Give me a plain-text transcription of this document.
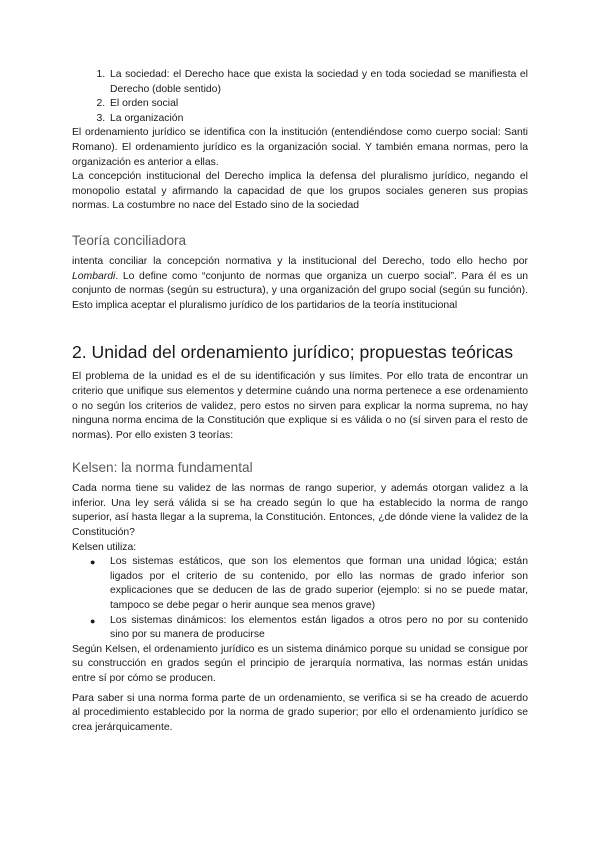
1. La sociedad: el Derecho hace que exista la sociedad y en toda sociedad se manifiesta el Derecho (doble sentido)
2. El orden social
3. La organización

El ordenamiento jurídico se identifica con la institución (entendiéndose como cuerpo social: Santi Romano). El ordenamiento jurídico es la organización social. Y también emana normas, pero la organización es anterior a ellas.

La concepción institucional del Derecho implica la defensa del pluralismo jurídico, negando el monopolio estatal y afirmando la capacidad de que los grupos sociales generen sus propias normas. La costumbre no nace del Estado sino de la sociedad

Teoría conciliadora

intenta conciliar la concepción normativa y la institucional del Derecho, todo ello hecho por Lombardi. Lo define como “conjunto de normas que organiza un cuerpo social”. Para él es un conjunto de normas (según su estructura), y una organización del grupo social (según su función). Esto implica aceptar el pluralismo jurídico de los partidarios de la teoría institucional

2. Unidad del ordenamiento jurídico; propuestas teóricas

El problema de la unidad es el de su identificación y sus límites. Por ello trata de encontrar un criterio que unifique sus elementos y determine cuándo una norma pertenece a ese ordenamiento o no según los criterios de validez, pero estos no sirven para explicar la norma suprema, no hay ninguna norma encima de la Constitución que explique si es válida o no (sí sirven para el resto de normas). Por ello existen 3 teorías:

Kelsen: la norma fundamental

Cada norma tiene su validez de las normas de rango superior, y además otorgan validez a la inferior. Una ley será válida si se ha creado según lo que ha establecido la norma de rango superior, así hasta llegar a la suprema, la Constitución. Entonces, ¿de dónde viene la validez de la Constitución?

Kelsen utiliza:

● Los sistemas estáticos, que son los elementos que forman una unidad lógica; están ligados por el criterio de su contenido, por ello las normas de grado inferior son explicaciones que se deducen de las de grado superior (ejemplo: si no se puede matar, tampoco se debe pegar o herir aunque sea menos grave)
● Los sistemas dinámicos: los elementos están ligados a otros pero no por su contenido sino por su manera de producirse

Según Kelsen, el ordenamiento jurídico es un sistema dinámico porque su unidad se consigue por su construcción en grados según el principio de jerarquía normativa, las normas están unidas entre sí por cómo se producen.

Para saber si una norma forma parte de un ordenamiento, se verifica si se ha creado de acuerdo al procedimiento establecido por la norma de grado superior; por ello el ordenamiento jurídico se crea jerárquicamente.
